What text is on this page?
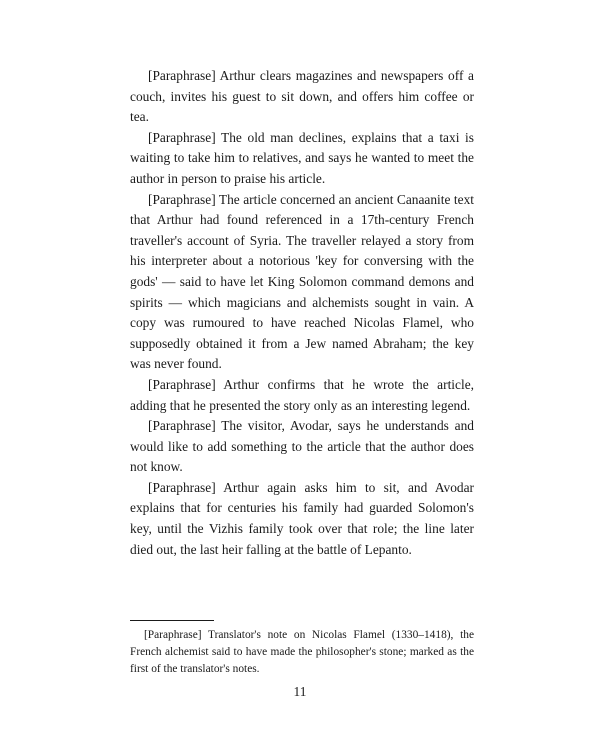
[Paraphrase] Arthur clears magazines and newspapers off a couch, invites his guest to sit down, and offers him coffee or tea.

[Paraphrase] The old man declines, explains that a taxi is waiting to take him to relatives, and says he wanted to meet the author in person to praise his article.

[Paraphrase] The article concerned an ancient Canaanite text that Arthur had found referenced in a 17th-century French traveller's account of Syria. The traveller relayed a story from his interpreter about a notorious 'key for conversing with the gods' — said to have let King Solomon command demons and spirits — which magicians and alchemists sought in vain. A copy was rumoured to have reached Nicolas Flamel, who supposedly obtained it from a Jew named Abraham; the key was never found.

[Paraphrase] Arthur confirms that he wrote the article, adding that he presented the story only as an interesting legend.

[Paraphrase] The visitor, Avodar, says he understands and would like to add something to the article that the author does not know.

[Paraphrase] Arthur again asks him to sit, and Avodar explains that for centuries his family had guarded Solomon's key, until the Vizhis family took over that role; the line later died out, the last heir falling at the battle of Lepanto.

[Paraphrase] Translator's note on Nicolas Flamel (1330–1418), the French alchemist said to have made the philosopher's stone; marked as the first of the translator's notes.

11
